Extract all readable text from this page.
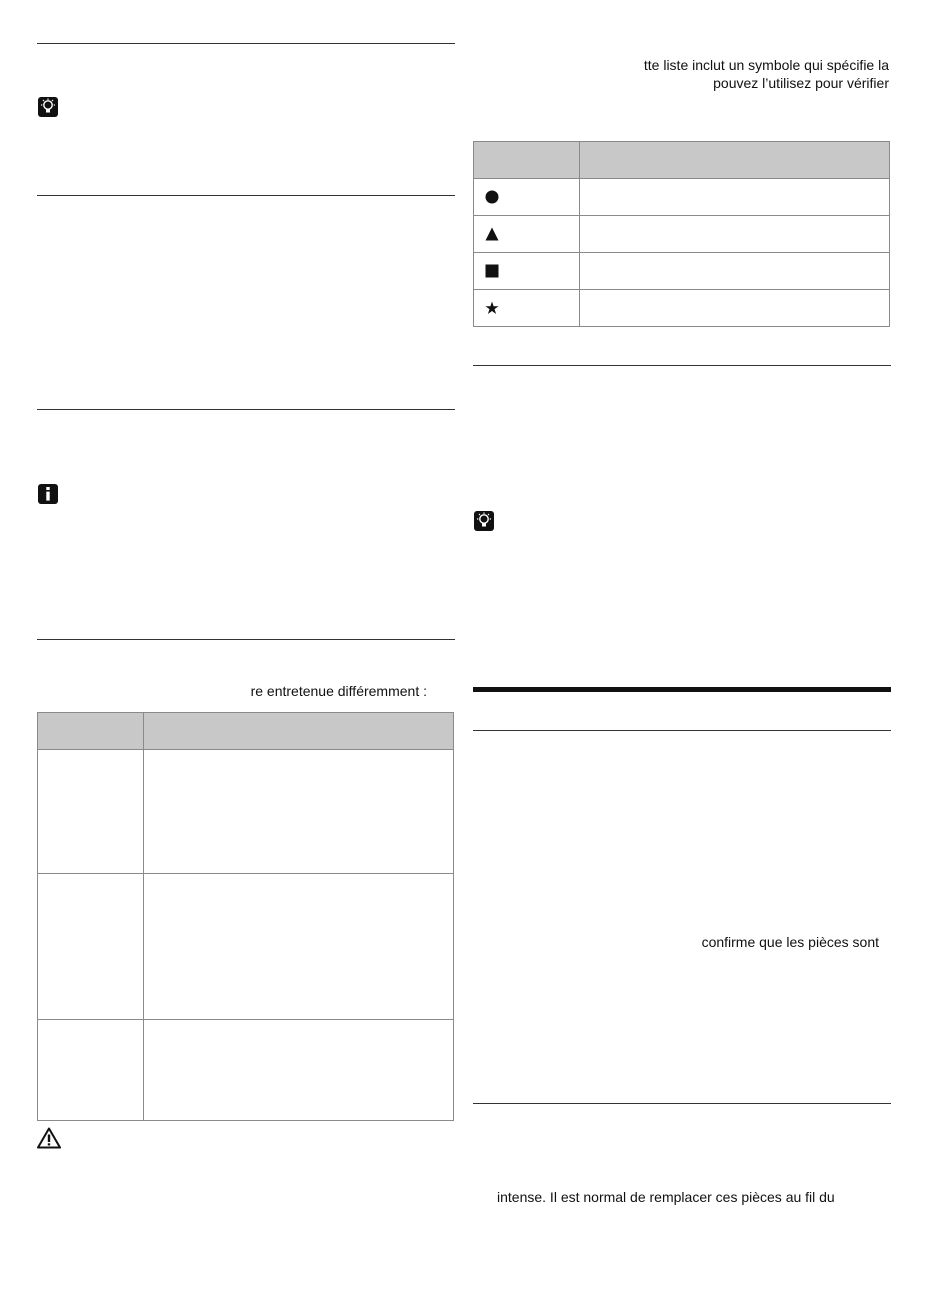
re entretenue différemment :

tte liste inclut un symbole qui spécifie la
pouvez l’utilisez pour vérifier

confirme que les pièces sont
intense. Il est normal de remplacer ces pièces au fil du
